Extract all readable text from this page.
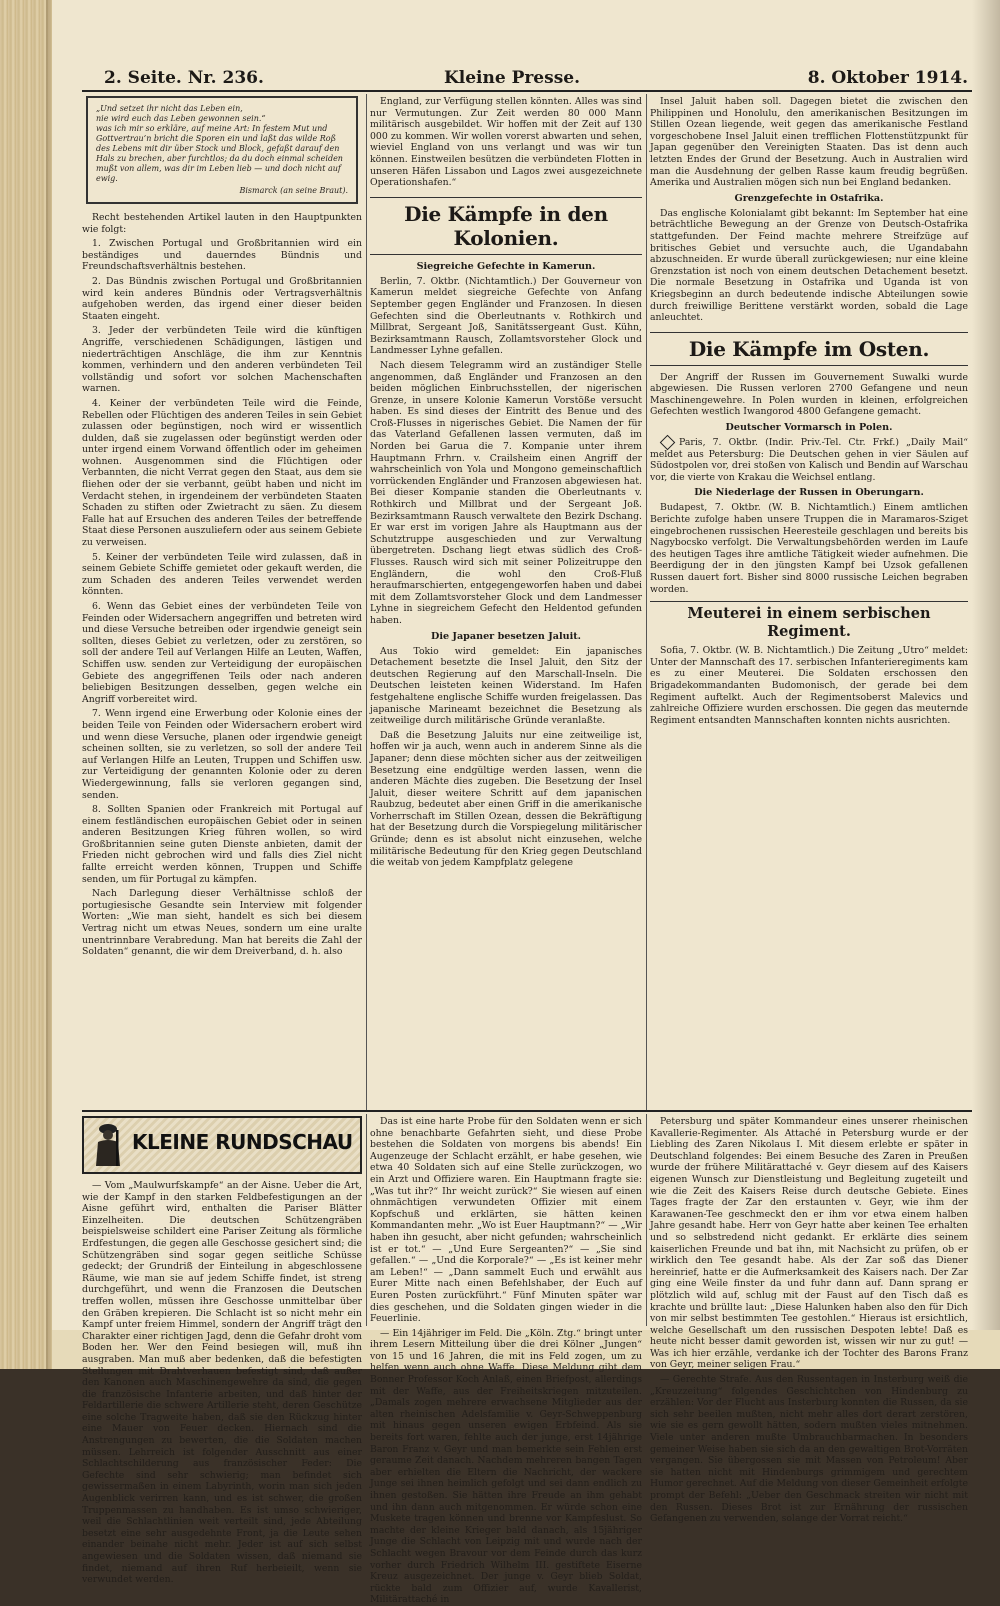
2. Seite. Nr. 236.	Kleine Presse.	8. Oktober 1914.
„Und setzet ihr nicht das Leben ein,
nie wird euch das Leben gewonnen sein.“
was ich mir so erkläre, auf meine Art: In festem Mut und Gottvertrau’n bricht die Sporen ein und laßt das wilde Roß des Lebens mit dir über Stock und Block, gefaßt darauf den Hals zu brechen, aber furchtlos; da du doch einmal scheiden mußt von allem, was dir im Leben lieb — und doch nicht auf ewig.
Bismarck (an seine Braut).

Recht bestehenden Artikel lauten in den Hauptpunkten wie folgt:

1. Zwischen Portugal und Großbritannien wird ein beständiges und dauerndes Bündnis und Freundschaftsverhältnis bestehen.

2. Das Bündnis zwischen Portugal und Großbritannien wird kein anderes Bündnis oder Vertragsverhältnis aufgehoben werden, das irgend einer dieser beiden Staaten eingeht.

3. Jeder der verbündeten Teile wird die künftigen Angriffe, verschiedenen Schädigungen, lästigen und niederträchtigen Anschläge, die ihm zur Kenntnis kommen, verhindern und den anderen verbündeten Teil vollständig und sofort vor solchen Machenschaften warnen.

4. Keiner der verbündeten Teile wird die Feinde, Rebellen oder Flüchtigen des anderen Teiles in sein Gebiet zulassen oder begünstigen, noch wird er wissentlich dulden, daß sie zugelassen oder begünstigt werden oder unter irgend einem Vorwand öffentlich oder im geheimen wohnen. Ausgenommen sind die Flüchtigen oder Verbannten, die nicht Verrat gegen den Staat, aus dem sie fliehen oder der sie verbannt, geübt haben und nicht im Verdacht stehen, in irgendeinem der verbündeten Staaten Schaden zu stiften oder Zwietracht zu säen. Zu diesem Falle hat auf Ersuchen des anderen Teiles der betreffende Staat diese Personen auszuliefern oder aus seinem Gebiete zu verweisen.

5. Keiner der verbündeten Teile wird zulassen, daß in seinem Gebiete Schiffe gemietet oder gekauft werden, die zum Schaden des anderen Teiles verwendet werden könnten.

6. Wenn das Gebiet eines der verbündeten Teile von Feinden oder Widersachern angegriffen und betreten wird und diese Versuche betreiben oder irgendwie geneigt sein sollten, dieses Gebiet zu verletzen, oder zu zerstören, so soll der andere Teil auf Verlangen Hilfe an Leuten, Waffen, Schiffen usw. senden zur Verteidigung der europäischen Gebiete des angegriffenen Teils oder nach anderen beliebigen Besitzungen desselben, gegen welche ein Angriff vorbereitet wird.

7. Wenn irgend eine Erwerbung oder Kolonie eines der beiden Teile von Feinden oder Widersachern erobert wird und wenn diese Versuche, planen oder irgendwie geneigt scheinen sollten, sie zu verletzen, so soll der andere Teil auf Verlangen Hilfe an Leuten, Truppen und Schiffen usw. zur Verteidigung der genannten Kolonie oder zu deren Wiedergewinnung, falls sie verloren gegangen sind, senden.

8. Sollten Spanien oder Frankreich mit Portugal auf einem festländischen europäischen Gebiet oder in seinen anderen Besitzungen Krieg führen wollen, so wird Großbritannien seine guten Dienste anbieten, damit der Frieden nicht gebrochen wird und falls dies Ziel nicht fallte erreicht werden können, Truppen und Schiffe senden, um für Portugal zu kämpfen.

Nach Darlegung dieser Verhältnisse schloß der portugiesische Gesandte sein Interview mit folgender Worten: „Wie man sieht, handelt es sich bei diesem Vertrag nicht um etwas Neues, sondern um eine uralte unentrinnbare Verabredung. Man hat bereits die Zahl der Soldaten“ genannt, die wir dem Dreiverband, d. h. also

England, zur Verfügung stellen könnten. Alles was sind nur Vermutungen. Zur Zeit werden 80 000 Mann militärisch ausgebildet. Wir hoffen mit der Zeit auf 130 000 zu kommen. Wir wollen vorerst abwarten und sehen, wieviel England von uns verlangt und was wir tun können. Einstweilen besützen die verbündeten Flotten in unseren Häfen Lissabon und Lagos zwei ausgezeichnete Operationshafen.“

Die Kämpfe in den Kolonien.
Siegreiche Gefechte in Kamerun.

Berlin, 7. Oktbr. (Nichtamtlich.) Der Gouverneur von Kamerun meldet siegreiche Gefechte von Anfang September gegen Engländer und Franzosen. In diesen Gefechten sind die Oberleutnants v. Rothkirch und Millbrat, Sergeant Joß, Sanitätssergeant Gust. Kühn, Bezirksamtmann Rausch, Zollamtsvorsteher Glock und Landmesser Lyhne gefallen.

Nach diesem Telegramm wird an zuständiger Stelle angenommen, daß Engländer und Franzosen an den beiden möglichen Einbruchsstellen, der nigerischen Grenze, in unsere Kolonie Kamerun Vorstöße versucht haben. Es sind dieses der Eintritt des Benue und des Croß-Flusses in nigerisches Gebiet. Die Namen der für das Vaterland Gefallenen lassen vermuten, daß im Norden bei Garua die 7. Kompanie unter ihrem Hauptmann Frhrn. v. Crailsheim einen Angriff der wahrscheinlich von Yola und Mongono gemeinschaftlich vorrückenden Engländer und Franzosen abgewiesen hat. Bei dieser Kompanie standen die Oberleutnants v. Rothkirch und Millbrat und der Sergeant Joß. Bezirksamtmann Rausch verwaltete den Bezirk Dschang. Er war erst im vorigen Jahre als Hauptmann aus der Schutztruppe ausgeschieden und zur Verwaltung übergetreten. Dschang liegt etwas südlich des Croß-Flusses. Rausch wird sich mit seiner Polizeitruppe den Engländern, die wohl den Croß-Fluß heraufmarschierten, entgegengeworfen haben und dabei mit dem Zollamtsvorsteher Glock und dem Landmesser Lyhne in siegreichem Gefecht den Heldentod gefunden haben.

Die Japaner besetzen Jaluit.

Aus Tokio wird gemeldet: Ein japanisches Detachement besetzte die Insel Jaluit, den Sitz der deutschen Regierung auf den Marschall-Inseln. Die Deutschen leisteten keinen Widerstand. Im Hafen festgehaltene englische Schiffe wurden freigelassen. Das japanische Marineamt bezeichnet die Besetzung als zeitweilige durch militärische Gründe veranlaßte.

Daß die Besetzung Jaluits nur eine zeitweilige ist, hoffen wir ja auch, wenn auch in anderem Sinne als die Japaner; denn diese möchten sicher aus der zeitweiligen Besetzung eine endgültige werden lassen, wenn die anderen Mächte dies zugeben. Die Besetzung der Insel Jaluit, dieser weitere Schritt auf dem japanischen Raubzug, bedeutet aber einen Griff in die amerikanische Vorherrschaft im Stillen Ozean, dessen die Bekräftigung hat der Besetzung durch die Vorspiegelung militärischer Gründe; denn es ist absolut nicht einzusehen, welche militärische Bedeutung für den Krieg gegen Deutschland die weitab von jedem Kampfplatz gelegene

Insel Jaluit haben soll. Dagegen bietet die zwischen den Philippinen und Honolulu, den amerikanischen Besitzungen im Stillen Ozean liegende, weit gegen das amerikanische Festland vorgeschobene Insel Jaluit einen trefflichen Flottenstützpunkt für Japan gegenüber den Vereinigten Staaten. Das ist denn auch letzten Endes der Grund der Besetzung. Auch in Australien wird man die Ausdehnung der gelben Rasse kaum freudig begrüßen. Amerika und Australien mögen sich nun bei England bedanken.

Grenzgefechte in Ostafrika.

Das englische Kolonialamt gibt bekannt: Im September hat eine beträchtliche Bewegung an der Grenze von Deutsch-Ostafrika stattgefunden. Der Feind machte mehrere Streifzüge auf britisches Gebiet und versuchte auch, die Ugandabahn abzuschneiden. Er wurde überall zurückgewiesen; nur eine kleine Grenzstation ist noch von einem deutschen Detachement besetzt. Die normale Besetzung in Ostafrika und Uganda ist von Kriegsbeginn an durch bedeutende indische Abteilungen sowie durch freiwillige Berittene verstärkt worden, sobald die Lage anleuchtet.

Die Kämpfe im Osten.

Der Angriff der Russen im Gouvernement Suwalki wurde abgewiesen. Die Russen verloren 2700 Gefangene und neun Maschinengewehre. In Polen wurden in kleinen, erfolgreichen Gefechten westlich Iwangorod 4800 Gefangene gemacht.

Deutscher Vormarsch in Polen.

Paris, 7. Oktbr. (Indir. Priv.-Tel. Ctr. Frkf.) „Daily Mail“ meldet aus Petersburg: Die Deutschen gehen in vier Säulen auf Südostpolen vor, drei stoßen von Kalisch und Bendin auf Warschau vor, die vierte von Krakau die Weichsel entlang.

Die Niederlage der Russen in Oberungarn.

Budapest, 7. Oktbr. (W. B. Nichtamtlich.) Einem amtlichen Berichte zufolge haben unsere Truppen die in Maramaros-Sziget eingebrochenen russischen Heeresteile geschlagen und bereits bis Nagybocsko verfolgt. Die Verwaltungsbehörden werden im Laufe des heutigen Tages ihre amtliche Tätigkeit wieder aufnehmen. Die Beerdigung der in den jüngsten Kampf bei Uzsok gefallenen Russen dauert fort. Bisher sind 8000 russische Leichen begraben worden.

Meuterei in einem serbischen Regiment.

Sofia, 7. Oktbr. (W. B. Nichtamtlich.) Die Zeitung „Utro“ meldet: Unter der Mannschaft des 17. serbischen Infanterieregiments kam es zu einer Meuterei. Die Soldaten erschossen den Brigadekommandanten Budomonisch, der gerade bei dem Regiment auftelkt. Auch der Regimentsoberst Malevics und zahlreiche Offiziere wurden erschossen. Die gegen das meuternde Regiment entsandten Mannschaften konnten nichts ausrichten.

KLEINE RUNDSCHAU

— Vom „Maulwurfskampfe“ an der Aisne. Ueber die Art, wie der Kampf in den starken Feldbefestigungen an der Aisne geführt wird, enthalten die Pariser Blätter Einzelheiten. Die deutschen Schützengräben beispielsweise schildert eine Pariser Zeitung als förmliche Erdfestungen, die gegen alle Geschosse gesichert sind; die Schützengräben sind sogar gegen seitliche Schüsse gedeckt; der Grundriß der Einteilung in abgeschlossene Räume, wie man sie auf jedem Schiffe findet, ist streng durchgeführt, und wenn die Franzosen die Deutschen treffen wollen, müssen ihre Geschosse unmittelbar über den Gräben krepieren. Die Schlacht ist so nicht mehr ein Kampf unter freiem Himmel, sondern der Angriff trägt den Charakter einer richtigen Jagd, denn die Gefahr droht vom Boden her. Wer den Feind besiegen will, muß ihn ausgraben. Man muß aber bedenken, daß die befestigten Stellungen mit Drahtverhauen befestigt sind, daß außer den Kanonen auch Maschinengewehre da sind, die gegen die französische Infanterie arbeiten, und daß hinter der Feldartillerie die schwere Artillerie steht, deren Geschütze eine solche Tragweite haben, daß sie den Rückzug hinter eine Mauer von Feuer decken. Hiernach sind die Anstrengungen zu bewerten, die die Soldaten machen müssen. Lehrreich ist folgender Ausschnitt aus einer Schlachtschilderung aus französischer Feder: Die Gefechte sind sehr schwierig; man befindet sich gewissermaßen in einem Labyrinth, worin man sich jeden Augenblick verirren kann, und es ist schwer, die großen Truppenmassen zu handhaben. Es ist umso schwieriger, weil die Schlachtlinien weit verteilt sind, jede Abteilung besetzt eine sehr ausgedehnte Front, ja die Leute sehen einander beinahe nicht mehr. Jeder ist auf sich selbst angewiesen und die Soldaten wissen, daß niemand sie findet, niemand auf ihren Ruf herbeieilt, wenn sie verwundet werden.

Das ist eine harte Probe für den Soldaten wenn er sich ohne benachbarte Gefahrten sieht, und diese Probe bestehen die Soldaten von morgens bis abends! Ein Augenzeuge der Schlacht erzählt, er habe gesehen, wie etwa 40 Soldaten sich auf eine Stelle zurückzogen, wo ein Arzt und Offiziere waren. Ein Hauptmann fragte sie: „Was tut ihr?“ Ihr weicht zurück?“ Sie wiesen auf einen ohnmächtigen verwundeten Offizier mit einem Kopfschuß und erklärten, sie hätten keinen Kommandanten mehr. „Wo ist Euer Hauptmann?“ — „Wir haben ihn gesucht, aber nicht gefunden; wahrscheinlich ist er tot.“ — „Und Eure Sergeanten?“ — „Sie sind gefallen.“ — „Und die Korporale?“ — „Es ist keiner mehr am Leben!“ — „Dann sammelt Euch und erwählt aus Eurer Mitte nach einen Befehlshaber, der Euch auf Euren Posten zurückführt.“ Fünf Minuten später war dies geschehen, und die Soldaten gingen wieder in die Feuerlinie.

— Ein 14jähriger im Feld. Die „Köln. Ztg.“ bringt unter ihrem Lesern Mitteilung über die drei Kölner „Jungen“ von 15 und 16 Jahren, die mit ins Feld zogen, um zu helfen wenn auch ohne Waffe. Diese Meldung gibt dem Bonner Professor Koch Anlaß, einen Briefpost, allerdings mit der Waffe, aus der Freiheitskriegen mitzuteilen. „Damals zogen mehrere erwachsene Mitglieder aus der alten rheinischen Adelsfamilie v. Geyr-Schweppenburg mit hinaus gegen unseren ewigen Erbfeind. Als sie bereits fort waren, fehlte auch der junge, erst 14jährige Baron Franz v. Geyr und man bemerkte sein Fehlen erst geraume Zeit danach. Nachdem mehreren bangen Tagen aber erhielten die Eltern die Nachricht, der wackere Junge sei ihnen heimlich gefolgt und sei dann endlich zu ihnen gestoßen. Sie hätten ihre Freude an ihm gehabt und ihn dann auch mitgenommen. Er würde schon eine Muskete tragen können und brenne vor Kampfeslust. So machte der kleine Krieger bald danach, als 15jähriger Junge die Schlacht von Leipzig mit und wurde nach der Schlacht wegen Bravour vor dem Feinde durch das kurz vorher durch Friedrich Wilhelm III. gestiftete Eiserne Kreuz ausgezeichnet. Der junge v. Geyr blieb Soldat, rückte bald zum Offizier auf, wurde Kavallerist, Militärattaché in

Petersburg und später Kommandeur eines unserer rheinischen Kavallerie-Regimenter. Als Attaché in Petersburg wurde er der Liebling des Zaren Nikolaus I. Mit diesem erlebte er später in Deutschland folgendes: Bei einem Besuche des Zaren in Preußen wurde der frühere Militärattaché v. Geyr diesem auf des Kaisers eigenen Wunsch zur Dienstleistung und Begleitung zugeteilt und wie die Zeit des Kaisers Reise durch deutsche Gebiete. Eines Tages fragte der Zar den erstaunten v. Geyr, wie ihm der Karawanen-Tee geschmeckt den er ihm vor etwa einem halben Jahre gesandt habe. Herr von Geyr hatte aber keinen Tee erhalten und so selbstredend nicht gedankt. Er erklärte dies seinem kaiserlichen Freunde und bat ihn, mit Nachsicht zu prüfen, ob er wirklich den Tee gesandt habe. Als der Zar soß das Diener hereinrief, hatte er die Aufmerksamkeit des Kaisers nach. Der Zar ging eine Weile finster da und fuhr dann auf. Dann sprang er plötzlich wild auf, schlug mit der Faust auf den Tisch daß es krachte und brüllte laut: „Diese Halunken haben also den für Dich von mir selbst bestimmten Tee gestohlen.“ Hieraus ist ersichtlich, welche Gesellschaft um den russischen Despoten lebte! Daß es heute nicht besser damit geworden ist, wissen wir nur zu gut! — Was ich hier erzähle, verdanke ich der Tochter des Barons Franz von Geyr, meiner seligen Frau.“

— Gerechte Strafe. Aus den Russentagen in Insterburg weiß die „Kreuzzeitung“ folgendes Geschichtchen von Hindenburg zu erzählen: Vor der Flucht aus Insterburg konnten die Russen, da sie sich sehr beeilen mußten, nicht mehr alles dort derart zerstören, wie sie es gern gewollt hätten, sodern mußten vieles mitnehmen. Viele unter anderen mußte Umbrauchbarmachen. In besonders gemeiner Weise haben sie sich da an den gewaltigen Brot-Vorräten vergangen. Sie übergossen sie mit Massen von Petroleum! Aber sie hatten nicht mit Hindenburgs grimmigem und gerechtem Humor gerechnet. Auf die Meldung von dieser Gemeinheit erfolgte prompt der Befehl: „Ueber den Geschmack streiten wir nicht mit den Russen. Dieses Brot ist zur Ernährung der russischen Gefangenen zu verwenden, solange der Vorrat reicht.“
